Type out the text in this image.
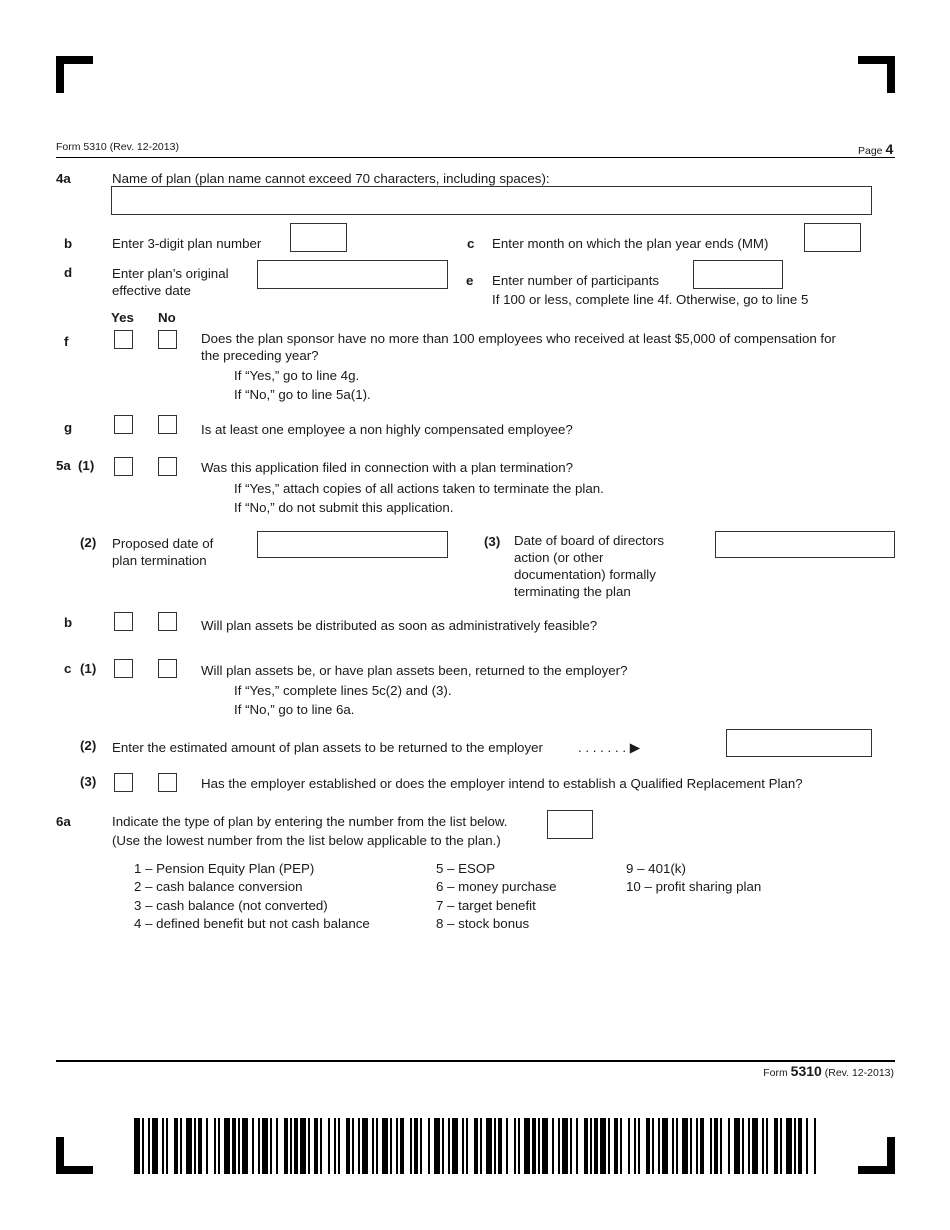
Form 5310 (Rev. 12-2013)	Page 4
4a	Name of plan (plan name cannot exceed 70 characters, including spaces):
b	Enter 3-digit plan number	c Enter month on which the plan year ends (MM)
d	Enter plan’s original
effective date
e Enter number of participants
If 100 or less, complete line 4f. Otherwise, go to line 5
Yes No
f	Does the plan sponsor have no more than 100 employees who received at least $5,000 of compensation for
the preceding year?
If “Yes,” go to line 4g.
If “No,” go to line 5a(1).
g	Is at least one employee a non highly compensated employee?
5a (1)	Was this application filed in connection with a plan termination?
If “Yes,” attach copies of all actions taken to terminate the plan.
If “No,” do not submit this application.
(2) Proposed date of
plan termination
(3) Date of board of directors
action (or other
documentation) formally
terminating the plan
b	Will plan assets be distributed as soon as administratively feasible?
c (1)	Will plan assets be, or have plan assets been, returned to the employer?
If “Yes,” complete lines 5c(2) and (3).
If “No,” go to line 6a.
(2) Enter the estimated amount of plan assets to be returned to the employer	. . . . . . . ▶
(3)	Has the employer established or does the employer intend to establish a Qualified Replacement Plan?
6a	Indicate the type of plan by entering the number from the list below.
(Use the lowest number from the list below applicable to the plan.)
1 – Pension Equity Plan (PEP)
2 – cash balance conversion
3 – cash balance (not converted)
4 – defined benefit but not cash balance
5 – ESOP
6 – money purchase
7 – target benefit
8 – stock bonus
9 – 401(k)
10 – profit sharing plan
Form 5310 (Rev. 12-2013)
